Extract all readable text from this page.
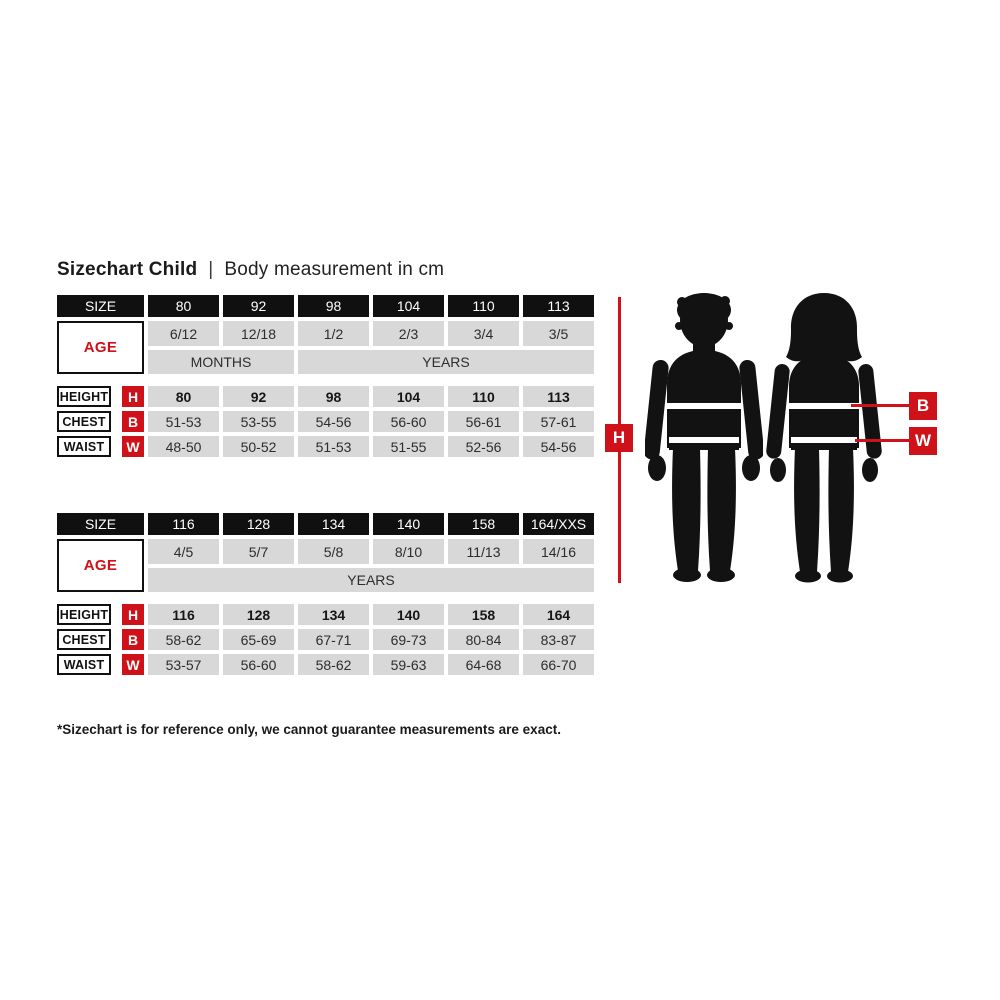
Sizechart Child | Body measurement in cm
SIZE	80	92	98	104	110	113
AGE
6/12	12/18	1/2	2/3	3/4	3/5
MONTHS	YEARS
HEIGHT	H	80	92	98	104	110	113
CHEST	B	51-53	53-55	54-56	56-60	56-61	57-61
WAIST	W	48-50	50-52	51-53	51-55	52-56	54-56
SIZE	116	128	134	140	158	164/XXS
AGE
4/5	5/7	5/8	8/10	11/13	14/16
YEARS
HEIGHT	H	116	128	134	140	158	164
CHEST	B	58-62	65-69	67-71	69-73	80-84	83-87
WAIST	W	53-57	56-60	58-62	59-63	64-68	66-70
*Sizechart is for reference only, we cannot guarantee measurements are exact.
H
B
W
